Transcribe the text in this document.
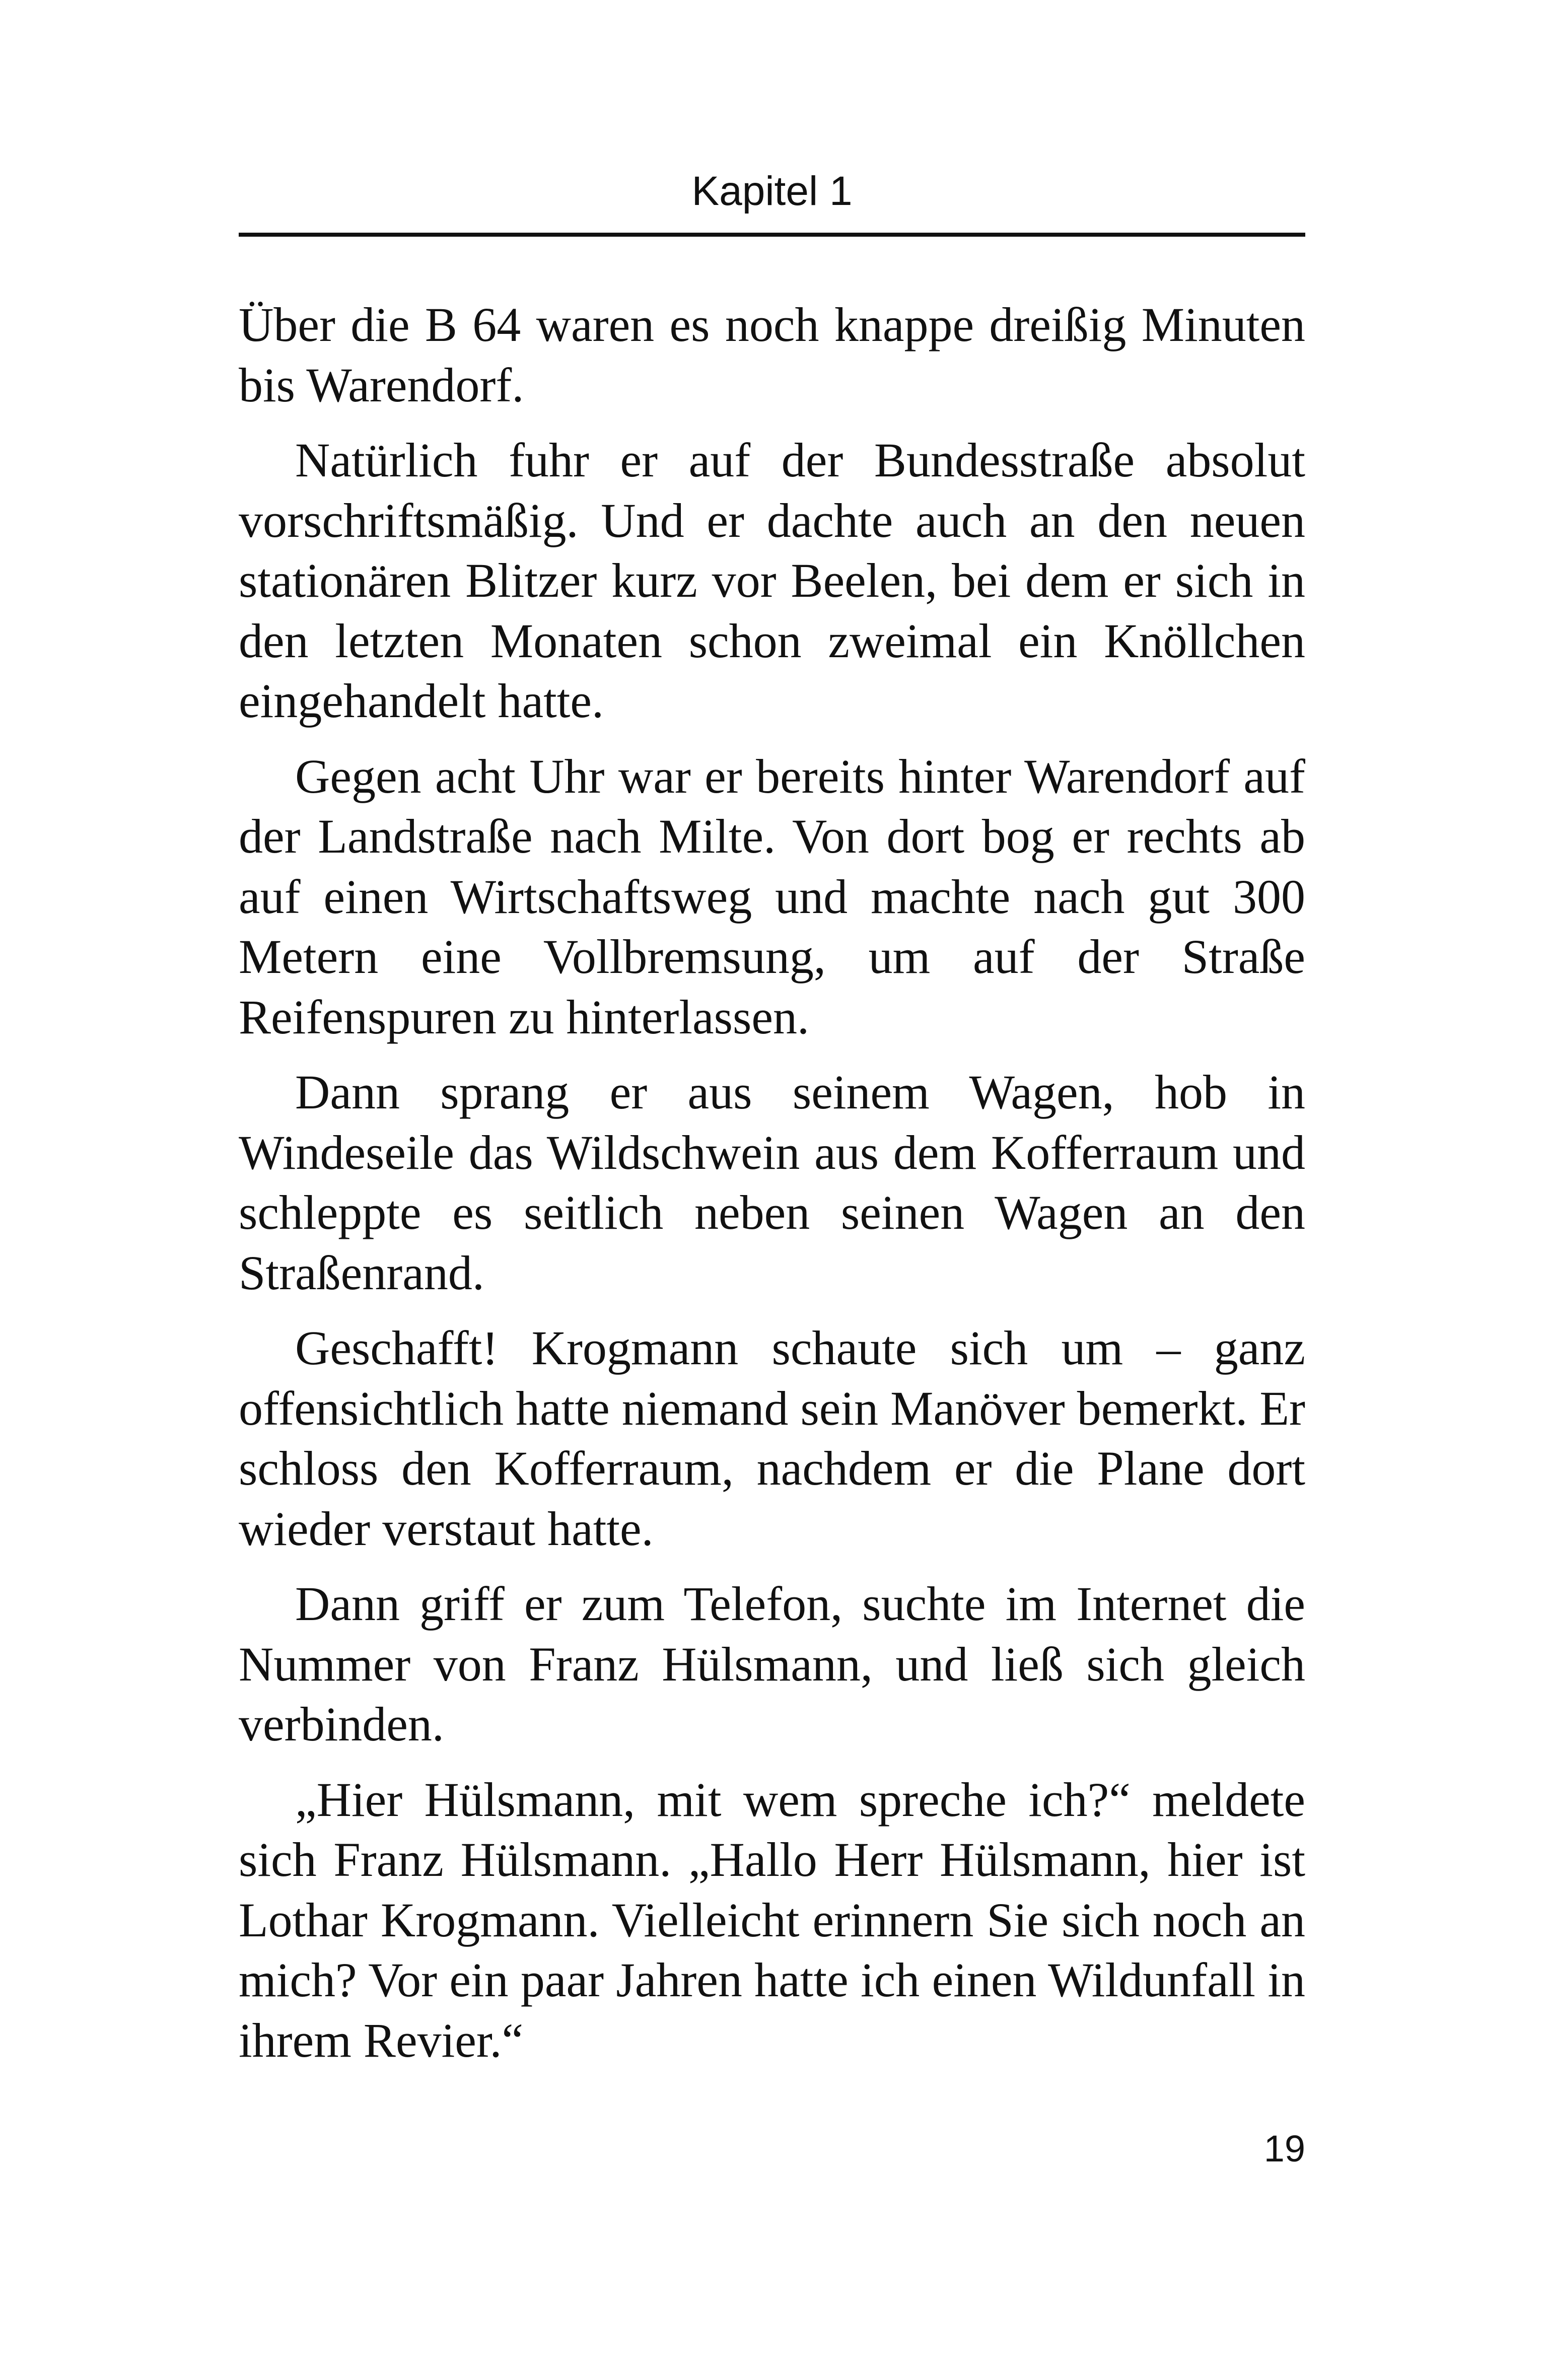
Kapitel 1

Über die B 64 waren es noch knappe dreißig Minuten bis Warendorf.

Natürlich fuhr er auf der Bundesstraße absolut vorschriftsmäßig. Und er dachte auch an den neuen stationären Blitzer kurz vor Beelen, bei dem er sich in den letzten Monaten schon zweimal ein Knöllchen eingehandelt hatte.

Gegen acht Uhr war er bereits hinter Warendorf auf der Landstraße nach Milte. Von dort bog er rechts ab auf einen Wirtschaftsweg und machte nach gut 300 Metern eine Vollbremsung, um auf der Straße Reifenspuren zu hinterlassen.

Dann sprang er aus seinem Wagen, hob in Windeseile das Wildschwein aus dem Kofferraum und schleppte es seitlich neben seinen Wagen an den Straßenrand.

Geschafft! Krogmann schaute sich um – ganz offensichtlich hatte niemand sein Manöver bemerkt. Er schloss den Kofferraum, nachdem er die Plane dort wieder verstaut hatte.

Dann griff er zum Telefon, suchte im Internet die Nummer von Franz Hülsmann, und ließ sich gleich verbinden.

„Hier Hülsmann, mit wem spreche ich?“ meldete sich Franz Hülsmann. „Hallo Herr Hülsmann, hier ist Lothar Krogmann. Vielleicht erinnern Sie sich noch an mich? Vor ein paar Jahren hatte ich einen Wildunfall in ihrem Revier.“

19
